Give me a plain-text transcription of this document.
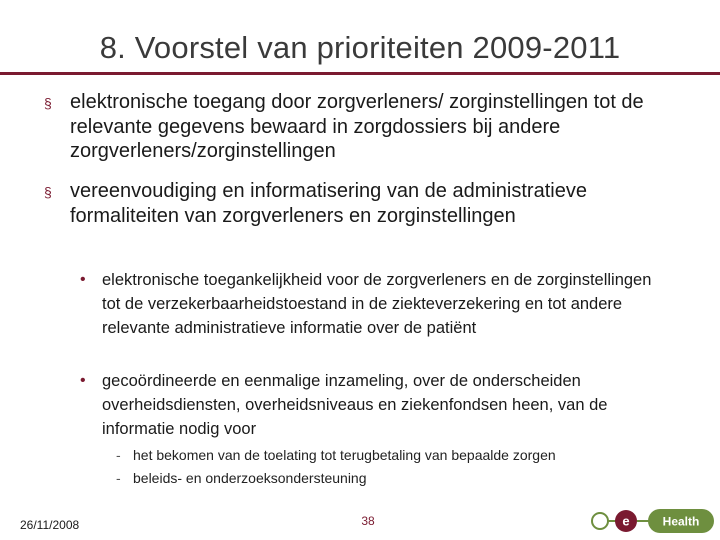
8. Voorstel van prioriteiten 2009-2011
§ elektronische toegang door zorgverleners/ zorginstellingen tot de relevante gegevens bewaard in zorgdossiers bij andere zorgverleners/zorginstellingen
§ vereenvoudiging en informatisering van de administratieve formaliteiten van zorgverleners en zorginstellingen
• elektronische toegankelijkheid voor de zorgverleners en de zorginstellingen tot de verzekerbaarheidstoestand in de ziekteverzekering en tot andere relevante administratieve informatie over de patiënt
• gecoördineerde en eenmalige inzameling, over de onderscheiden overheidsdiensten, overheidsniveaus en ziekenfondsen heen, van de informatie nodig voor
- het bekomen van de toelating tot terugbetaling van bepaalde zorgen
- beleids- en onderzoeksondersteuning
26/11/2008	38	e	Health
